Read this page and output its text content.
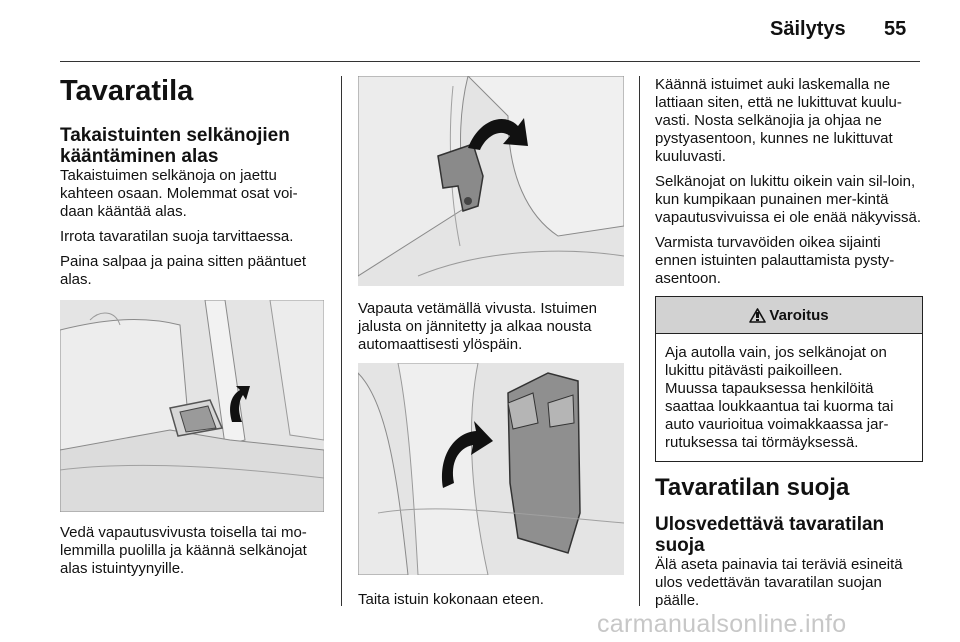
Säilytys 55
Tavaratila
Takaistuinten selkänojien kääntäminen alas

Takaistuimen selkänoja on jaettu kahteen osaan. Molemmat osat voi-daan kääntää alas.

Irrota tavaratilan suoja tarvittaessa.

Paina salpaa ja paina sitten pääntuet alas.

Vedä vapautusvivusta toisella tai mo-lemmilla puolilla ja käännä selkänojat alas istuintyynyille.

Vapauta vetämällä vivusta. Istuimen jalusta on jännitetty ja alkaa nousta automaattisesti ylöspäin.

Taita istuin kokonaan eteen.

Käännä istuimet auki laskemalla ne lattiaan siten, että ne lukittuvat kuulu-vasti. Nosta selkänojia ja ohjaa ne pystyasentoon, kunnes ne lukittuvat kuuluvasti.

Selkänojat on lukittu oikein vain sil-loin, kun kumpikaan punainen mer-kintä vapautusvivuissa ei ole enää näkyvissä.

Varmista turvavöiden oikea sijainti ennen istuinten palauttamista pysty-asentoon.

Varoitus

Aja autolla vain, jos selkänojat on

lukittu pitävästi paikoilleen.

Muussa tapauksessa henkilöitä

saattaa loukkaantua tai kuorma tai

auto vaurioitua voimakkaassa jar-

rutuksessa tai törmäyksessä.

Tavaratilan suoja
Ulosvedettävä tavaratilan suoja

Älä aseta painavia tai teräviä esineitä ulos vedettävän tavaratilan suojan päälle.

carmanualsonline.info
